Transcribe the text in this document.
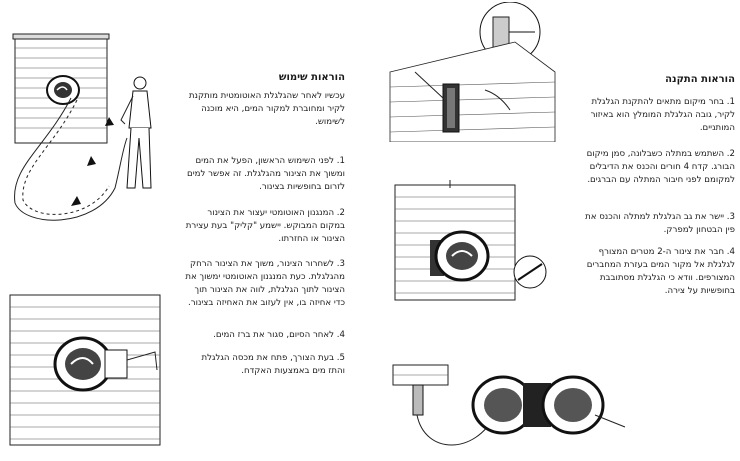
הוראות שימוש
עכשיו לאחר שהגלגלת האוטומטית מותקנת לקיר ומחוברת למקור המים, היא מוכנה לשימוש.
1. לפני השימוש הראשון, הפעל את המים ומשוך את הצינור מהגלגלת. זה אפשר למים לזרום בחופשיות בצינור.
2. המנגנון האוטומטי יעצור את הצינור במקום המבוקש. יישמע "קליק" בעת עצירת הצינור או החזרתו.
3. לשחרור הצינור, משוך את הצינור הרחק מהגלגלת. כעת המנגנון האוטומטי ימשוך את הצינור לתוך הגלגלת, לווה את הצינור תוך כדי אחיזה בו, אין לעזוב את האחיזה בצינור.
4. לאחר הסיום, סגור את ברז המים.
5. בעת הצורך, פתח את מכסה הגלגלת והתז מים באמצעות האקדח.
הוראות התקנה
1. בחר מיקום מתאים להתקנת הגלגלת לקיר, גובה הגלגלת המומלץ הוא באיזור המותניים.
2. השתמש במתלה כשבלונה, סמן מיקום הבורג. קדח 4 חורים והכנס את הדיבלים למקומם לפני חיבור המתלה עם הברגים.
3. יישר את גב הגלגלת למתלה והכנס את פין הבטחון למפרק.
4. חבר את צינור ה-2 מטרים המצורף לגלגלת אל מקור המים בעזרת המחברים המצורפים. וודא כי הגלגלת מסתובבת בחופשיות על צירה.
